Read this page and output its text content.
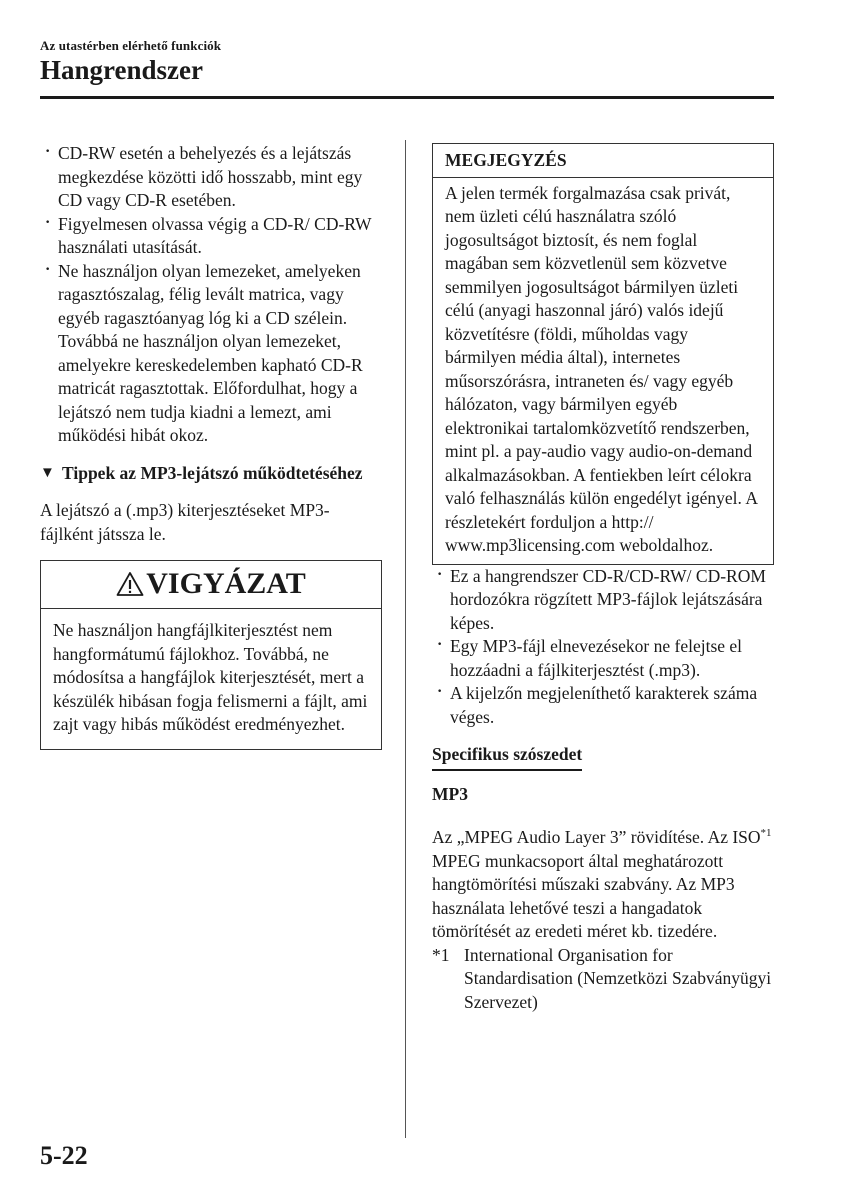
Az utastérben elérhető funkciók
Hangrendszer
· CD-RW esetén a behelyezés és a lejátszás megkezdése közötti idő hosszabb, mint egy CD vagy CD-R esetében.
· Figyelmesen olvassa végig a CD-R/ CD-RW használati utasítását.
· Ne használjon olyan lemezeket, amelyeken ragasztószalag, félig levált matrica, vagy egyéb ragasztóanyag lóg ki a CD szélein. Továbbá ne használjon olyan lemezeket, amelyekre kereskedelemben kapható CD-R matricát ragasztottak. Előfordulhat, hogy a lejátszó nem tudja kiadni a lemezt, ami működési hibát okoz.
▼ Tippek az MP3-lejátszó működtetéséhez
A lejátszó a (.mp3) kiterjesztéseket MP3-fájlként játssza le.
VIGYÁZAT
Ne használjon hangfájlkiterjesztést nem hangformátumú fájlokhoz. Továbbá, ne módosítsa a hangfájlok kiterjesztését, mert a készülék hibásan fogja felismerni a fájlt, ami zajt vagy hibás működést eredményezhet.
MEGJEGYZÉS
A jelen termék forgalmazása csak privát, nem üzleti célú használatra szóló jogosultságot biztosít, és nem foglal magában sem közvetlenül sem közvetve semmilyen jogosultságot bármilyen üzleti célú (anyagi haszonnal járó) valós idejű közvetítésre (földi, műholdas vagy bármilyen média által), internetes műsorszórásra, intraneten és/ vagy egyéb hálózaton, vagy bármilyen egyéb elektronikai tartalomközvetítő rendszerben, mint pl. a pay-audio vagy audio-on-demand alkalmazásokban. A fentiekben leírt célokra való felhasználás külön engedélyt igényel. A részletekért forduljon a http:// www.mp3licensing.com weboldalhoz.
· Ez a hangrendszer CD-R/CD-RW/ CD-ROM hordozókra rögzített MP3-fájlok lejátszására képes.
· Egy MP3-fájl elnevezésekor ne felejtse el hozzáadni a fájlkiterjesztést (.mp3).
· A kijelzőn megjeleníthető karakterek száma véges.
Specifikus szószedet
MP3
Az „MPEG Audio Layer 3” rövidítése. Az ISO$^{*1}$ MPEG munkacsoport által meghatározott hangtömörítési műszaki szabvány. Az MP3 használata lehetővé teszi a hangadatok tömörítését az eredeti méret kb. tizedére.
*1 International Organisation for Standardisation (Nemzetközi Szabványügyi Szervezet)
5-22
